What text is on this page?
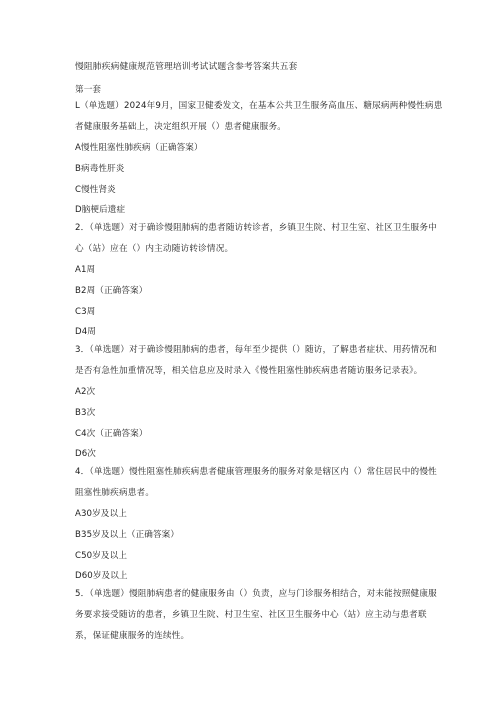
慢阻肺疾病健康规范管理培训考试试题含参考答案共五套
第一套
L（单选题）2024年9月，国家卫健委发文，在基本公共卫生服务高血压、糖尿病两种慢性病患
者健康服务基础上，决定组织开展（）患者健康服务。
A慢性阻塞性肺疾病（正确答案）
B病毒性肝炎
C慢性肾炎
D脑梗后遗症
2．（单选题）对于确诊慢阻肺病的患者随访转诊者，乡镇卫生院、村卫生室、社区卫生服务中
心（站）应在（）内主动随访转诊情况。
A1周
B2周（正确答案）
C3周
D4周
3．（单选题）对于确诊慢阻肺病的患者，每年至少提供（）随访，了解患者症状、用药情况和
是否有急性加重情况等，相关信息应及时录入《慢性阻塞性肺疾病患者随访服务记录表》。
A2次
B3次
C4次（正确答案）
D6次
4．（单选题）慢性阻塞性肺疾病患者健康管理服务的服务对象是辖区内（）常住居民中的慢性
阻塞性肺疾病患者。
A30岁及以上
B35岁及以上（正确答案）
C50岁及以上
D60岁及以上
5．（单选题）慢阻肺病患者的健康服务由（）负责，应与门诊服务相结合，对未能按照健康服
务要求接受随访的患者，乡镇卫生院、村卫生室、社区卫生服务中心（站）应主动与患者联
系，保证健康服务的连续性。
